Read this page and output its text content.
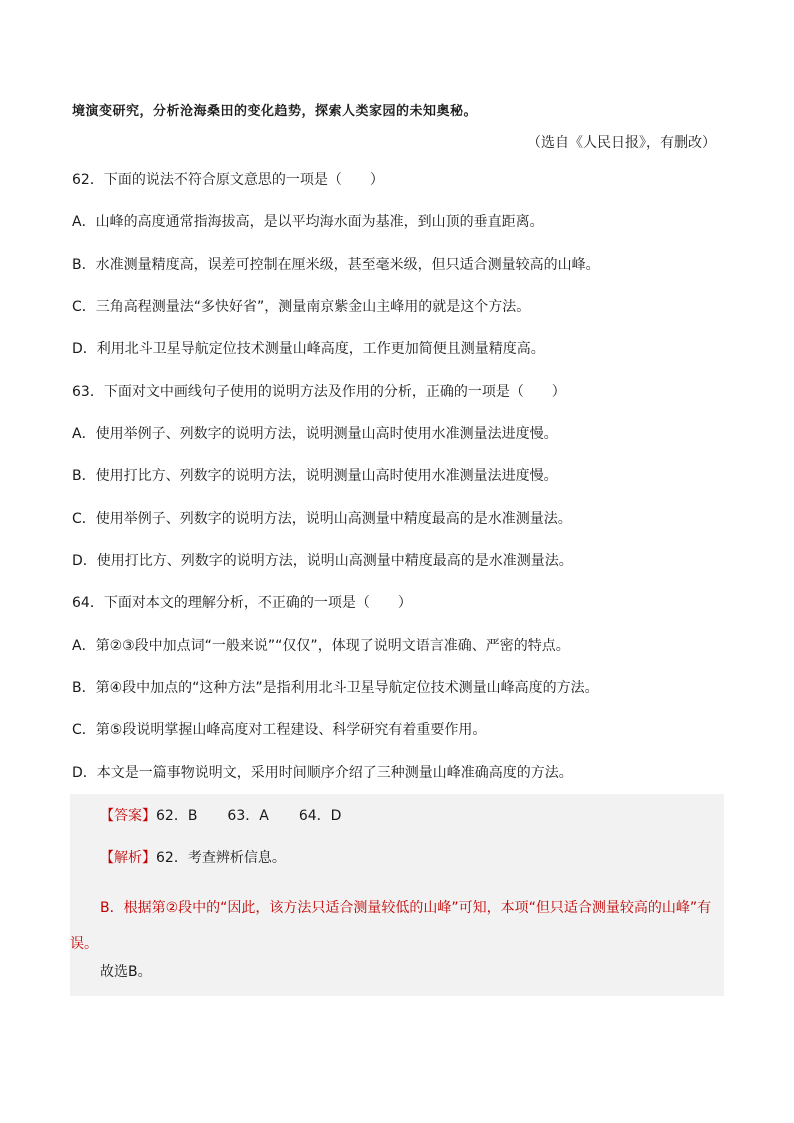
境演变研究，分析沧海桑田的变化趋势，探索人类家园的未知奥秘。
（选自《人民日报》，有删改）
62．下面的说法不符合原文意思的一项是（　　）
A．山峰的高度通常指海拔高，是以平均海水面为基准，到山顶的垂直距离。
B．水准测量精度高，误差可控制在厘米级，甚至毫米级，但只适合测量较高的山峰。
C．三角高程测量法“多快好省”，测量南京紫金山主峰用的就是这个方法。
D．利用北斗卫星导航定位技术测量山峰高度，工作更加简便且测量精度高。
63．下面对文中画线句子使用的说明方法及作用的分析，正确的一项是（　　）
A．使用举例子、列数字的说明方法，说明测量山高时使用水准测量法进度慢。
B．使用打比方、列数字的说明方法，说明测量山高时使用水准测量法进度慢。
C．使用举例子、列数字的说明方法，说明山高测量中精度最高的是水准测量法。
D．使用打比方、列数字的说明方法，说明山高测量中精度最高的是水准测量法。
64．下面对本文的理解分析，不正确的一项是（　　）
A．第②③段中加点词“一般来说”“仅仅”，体现了说明文语言准确、严密的特点。
B．第④段中加点的“这种方法”是指利用北斗卫星导航定位技术测量山峰高度的方法。
C．第⑤段说明掌握山峰高度对工程建设、科学研究有着重要作用。
D．本文是一篇事物说明文，采用时间顺序介绍了三种测量山峰准确高度的方法。
【答案】62．B 63．A 64．D
【解析】62．考查辨析信息。
B．根据第②段中的“因此，该方法只适合测量较低的山峰”可知，本项“但只适合测量较高的山峰”有
误。
故选B。
